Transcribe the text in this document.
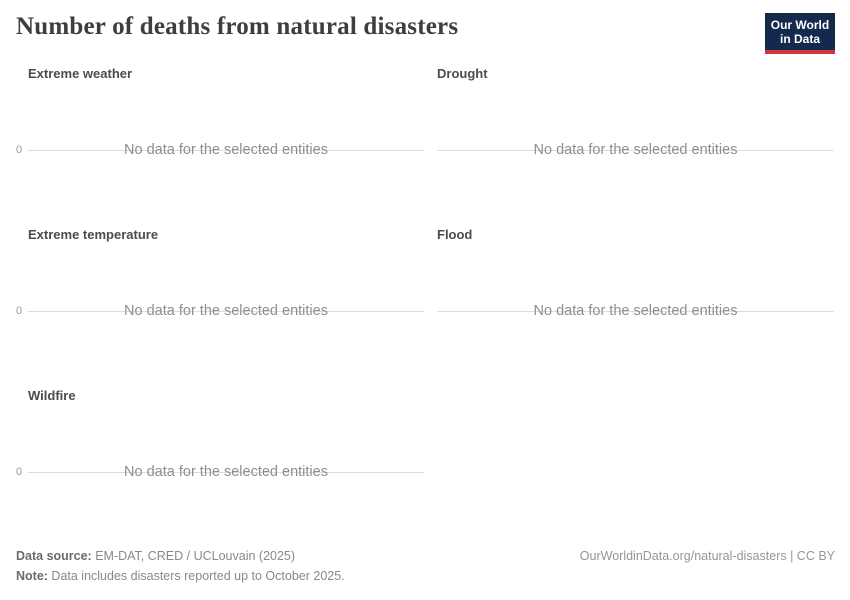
Number of deaths from natural disasters	Our World
in Data
Extreme weather
0	No data for the selected entities
Drought
No data for the selected entities
Extreme temperature
0	No data for the selected entities
Flood
No data for the selected entities
Wildfire
0	No data for the selected entities
Data source: EM-DAT, CRED / UCLouvain (2025)
Note: Data includes disasters reported up to October 2025.
OurWorldinData.org/natural-disasters | CC BY
